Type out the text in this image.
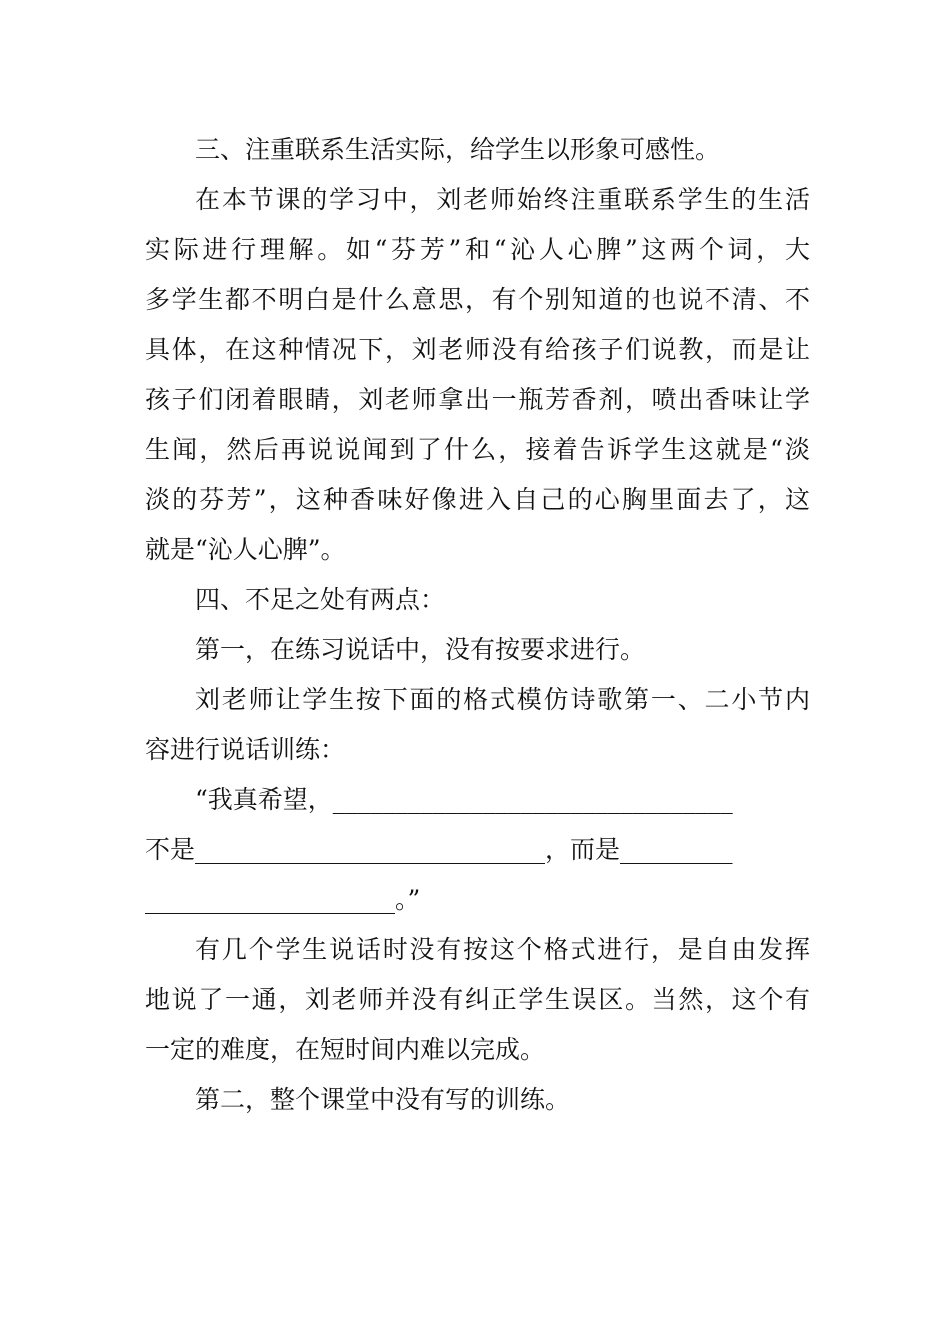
三、注重联系生活实际，给学生以形象可感性。
在本节课的学习中，刘老师始终注重联系学生的生活
实际进行理解。如“芬芳”和“沁人心脾”这两个词，大
多学生都不明白是什么意思，有个别知道的也说不清、不
具体，在这种情况下，刘老师没有给孩子们说教，而是让
孩子们闭着眼睛，刘老师拿出一瓶芳香剂，喷出香味让学
生闻，然后再说说闻到了什么，接着告诉学生这就是“淡
淡的芬芳”，这种香味好像进入自己的心胸里面去了，这
就是“沁人心脾”。
四、不足之处有两点：
第一，在练习说话中，没有按要求进行。
刘老师让学生按下面的格式模仿诗歌第一、二小节内
容进行说话训练：
“我真希望，________________________________
不是____________________________，而是_________
____________________。”
有几个学生说话时没有按这个格式进行，是自由发挥
地说了一通，刘老师并没有纠正学生误区。当然，这个有
一定的难度，在短时间内难以完成。
第二，整个课堂中没有写的训练。
